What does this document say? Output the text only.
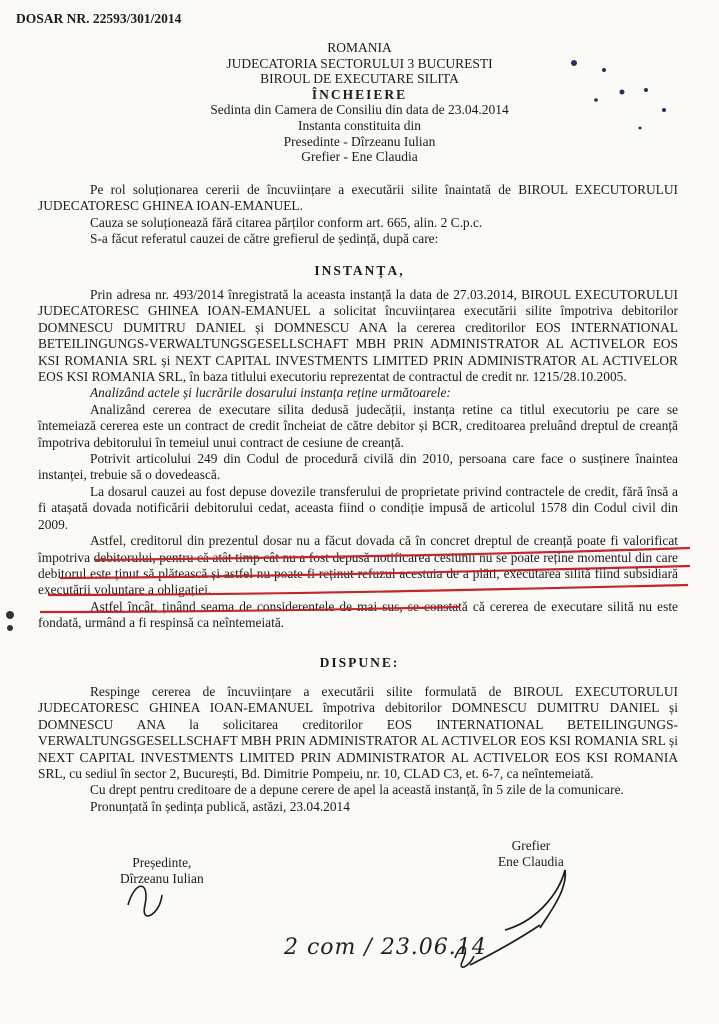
DOSAR NR. 22593/301/2014
ROMANIA
JUDECATORIA SECTORULUI 3 BUCURESTI
BIROUL DE EXECUTARE SILITA
ÎNCHEIERE
Sedinta din Camera de Consiliu din data de 23.04.2014
Instanta constituita din
Presedinte - Dîrzeanu Iulian
Grefier - Ene Claudia

Pe rol soluționarea cererii de încuviințare a executării silite înaintată de BIROUL EXECUTORULUI JUDECATORESC GHINEA IOAN-EMANUEL.

Cauza se soluționează fără citarea părților conform art. 665, alin. 2 C.p.c.

S-a făcut referatul cauzei de către grefierul de ședință, după care:

INSTANȚA,

Prin adresa nr. 493/2014 înregistrată la aceasta instanță la data de 27.03.2014, BIROUL EXECUTORULUI JUDECATORESC GHINEA IOAN-EMANUEL a solicitat încuviințarea executării silite împotriva debitorilor DOMNESCU DUMITRU DANIEL și DOMNESCU ANA la cererea creditorilor EOS INTERNATIONAL BETEILINGUNGS-VERWALTUNGSGESELLSCHAFT MBH PRIN ADMINISTRATOR AL ACTIVELOR EOS KSI ROMANIA SRL și NEXT CAPITAL INVESTMENTS LIMITED PRIN ADMINISTRATOR AL ACTIVELOR EOS KSI ROMANIA SRL, în baza titlului executoriu reprezentat de contractul de credit nr. 1215/28.10.2005.

Analizând actele și lucrările dosarului instanța reține următoarele:

Analizând cererea de executare silita dedusă judecății, instanța retine ca titlul executoriu pe care se întemeiază cererea este un contract de credit încheiat de către debitor și BCR, creditoarea preluând dreptul de creanță împotriva debitorului în temeiul unui contract de cesiune de creanță.

Potrivit articolului 249 din Codul de procedură civilă din 2010, persoana care face o susținere înaintea instanței, trebuie să o dovedească.

La dosarul cauzei au fost depuse dovezile transferului de proprietate privind contractele de credit, fără însă a fi atașată dovada notificării debitorului cedat, aceasta fiind o condiție impusă de articolul 1578 din Codul civil din 2009.

Astfel, creditorul din prezentul dosar nu a făcut dovada că în concret dreptul de creanță poate fi valorificat împotriva debitorului, pentru că atât timp cât nu a fost depusă notificarea cesiunii nu se poate reține momentul din care debitorul este ținut să plătească și astfel nu poate fi reținut refuzul acestuia de a plăti, executarea silită fiind subsidiară executării voluntare a obligației.

Astfel încât, ținând seama de considerentele de mai sus, se constată că cererea de executare silită nu este fondată, urmând a fi respinsă ca neîntemeiată.

DISPUNE:

Respinge cererea de încuviințare a executării silite formulată de BIROUL EXECUTORULUI JUDECATORESC GHINEA IOAN-EMANUEL împotriva debitorilor DOMNESCU DUMITRU DANIEL și DOMNESCU ANA la solicitarea creditorilor EOS INTERNATIONAL BETEILINGUNGS-VERWALTUNGSGESELLSCHAFT MBH PRIN ADMINISTRATOR AL ACTIVELOR EOS KSI ROMANIA SRL și NEXT CAPITAL INVESTMENTS LIMITED PRIN ADMINISTRATOR AL ACTIVELOR EOS KSI ROMANIA SRL, cu sediul în sector 2, București, Bd. Dimitrie Pompeiu, nr. 10, CLAD C3, et. 6-7, ca neîntemeiată.

Cu drept pentru creditoare de a depune cerere de apel la această instanță, în 5 zile de la comunicare.

Pronunțată în ședința publică, astăzi, 23.04.2014

Președinte,
Dîrzeanu Iulian
Grefier
Ene Claudia
2 com / 23.06.14
